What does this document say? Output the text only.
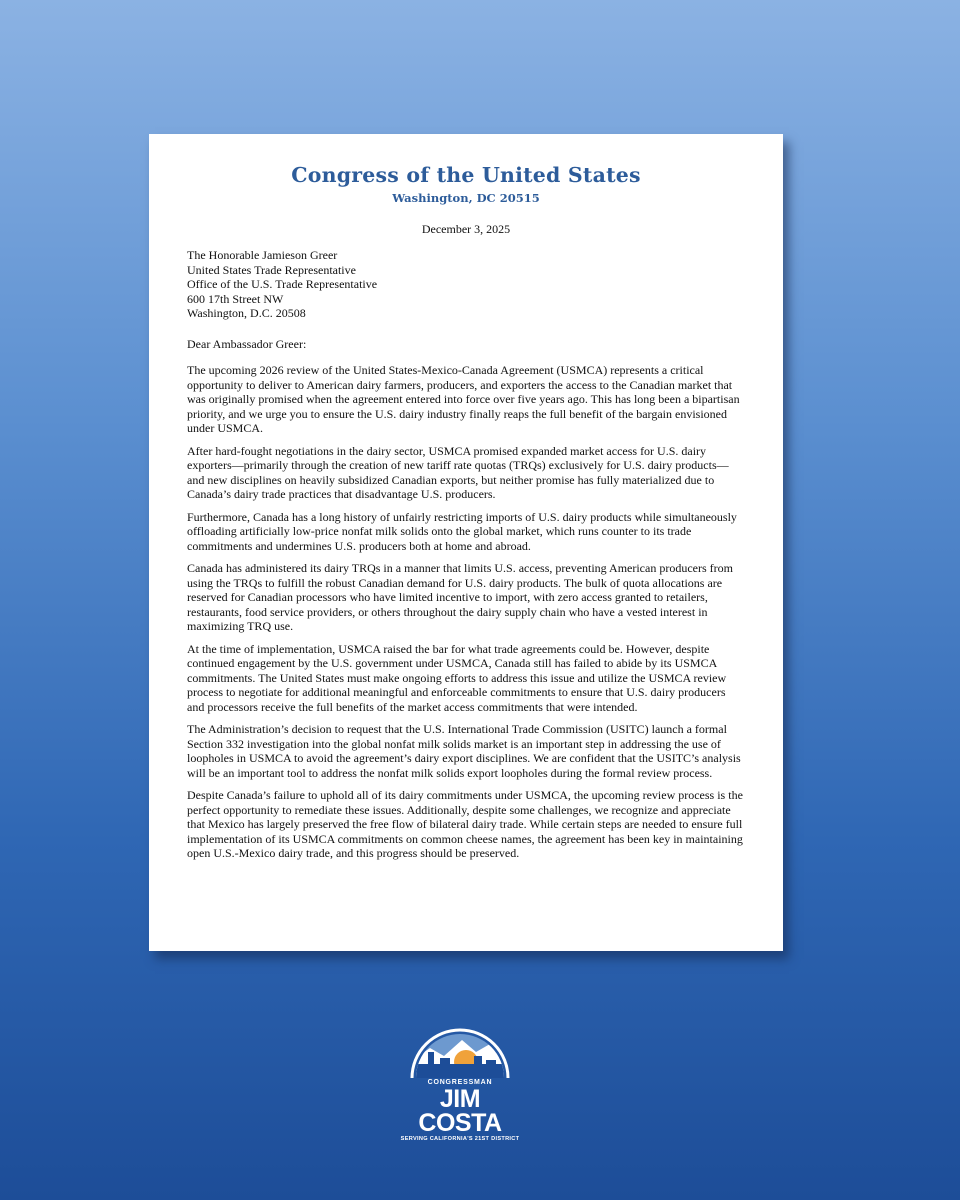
Congress of the United States
Washington, DC 20515
December 3, 2025
The Honorable Jamieson Greer
United States Trade Representative
Office of the U.S. Trade Representative
600 17th Street NW
Washington, D.C. 20508
Dear Ambassador Greer:

The upcoming 2026 review of the United States-Mexico-Canada Agreement (USMCA) represents a critical opportunity to deliver to American dairy farmers, producers, and exporters the access to the Canadian market that was originally promised when the agreement entered into force over five years ago. This has long been a bipartisan priority, and we urge you to ensure the U.S. dairy industry finally reaps the full benefit of the bargain envisioned under USMCA.

After hard-fought negotiations in the dairy sector, USMCA promised expanded market access for U.S. dairy exporters—primarily through the creation of new tariff rate quotas (TRQs) exclusively for U.S. dairy products—and new disciplines on heavily subsidized Canadian exports, but neither promise has fully materialized due to Canada’s dairy trade practices that disadvantage U.S. producers.

Furthermore, Canada has a long history of unfairly restricting imports of U.S. dairy products while simultaneously offloading artificially low-price nonfat milk solids onto the global market, which runs counter to its trade commitments and undermines U.S. producers both at home and abroad.

Canada has administered its dairy TRQs in a manner that limits U.S. access, preventing American producers from using the TRQs to fulfill the robust Canadian demand for U.S. dairy products. The bulk of quota allocations are reserved for Canadian processors who have limited incentive to import, with zero access granted to retailers, restaurants, food service providers, or others throughout the dairy supply chain who have a vested interest in maximizing TRQ use.

At the time of implementation, USMCA raised the bar for what trade agreements could be. However, despite continued engagement by the U.S. government under USMCA, Canada still has failed to abide by its USMCA commitments. The United States must make ongoing efforts to address this issue and utilize the USMCA review process to negotiate for additional meaningful and enforceable commitments to ensure that U.S. dairy producers and processors receive the full benefits of the market access commitments that were intended.

The Administration’s decision to request that the U.S. International Trade Commission (USITC) launch a formal Section 332 investigation into the global nonfat milk solids market is an important step in addressing the use of loopholes in USMCA to avoid the agreement’s dairy export disciplines. We are confident that the USITC’s analysis will be an important tool to address the nonfat milk solids export loopholes during the formal review process.

Despite Canada’s failure to uphold all of its dairy commitments under USMCA, the upcoming review process is the perfect opportunity to remediate these issues. Additionally, despite some challenges, we recognize and appreciate that Mexico has largely preserved the free flow of bilateral dairy trade. While certain steps are needed to ensure full implementation of its USMCA commitments on common cheese names, the agreement has been key in maintaining open U.S.-Mexico dairy trade, and this progress should be preserved.

CONGRESSMAN
JIM COSTA
SERVING CALIFORNIA'S 21ST DISTRICT
